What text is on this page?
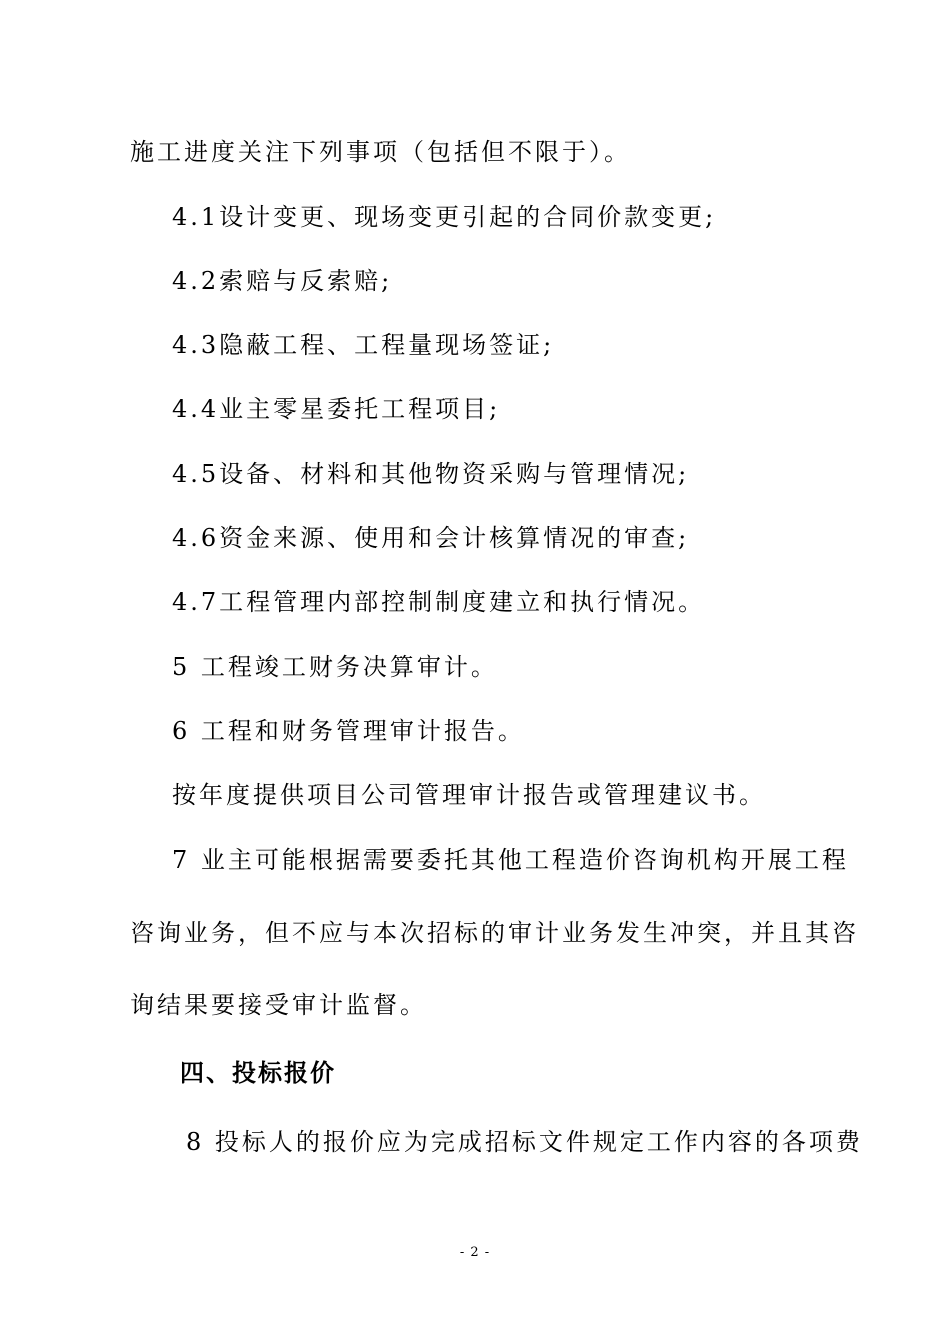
施工进度关注下列事项（包括但不限于）。
4.1设计变更、现场变更引起的合同价款变更;
4.2索赔与反索赔;
4.3隐蔽工程、工程量现场签证;
4.4业主零星委托工程项目;
4.5设备、材料和其他物资采购与管理情况;
4.6资金来源、使用和会计核算情况的审查;
4.7工程管理内部控制制度建立和执行情况。
5 工程竣工财务决算审计。
6 工程和财务管理审计报告。
按年度提供项目公司管理审计报告或管理建议书。
7 业主可能根据需要委托其他工程造价咨询机构开展工程
咨询业务，但不应与本次招标的审计业务发生冲突，并且其咨
询结果要接受审计监督。
四、投标报价
8 投标人的报价应为完成招标文件规定工作内容的各项费
- 2 -
